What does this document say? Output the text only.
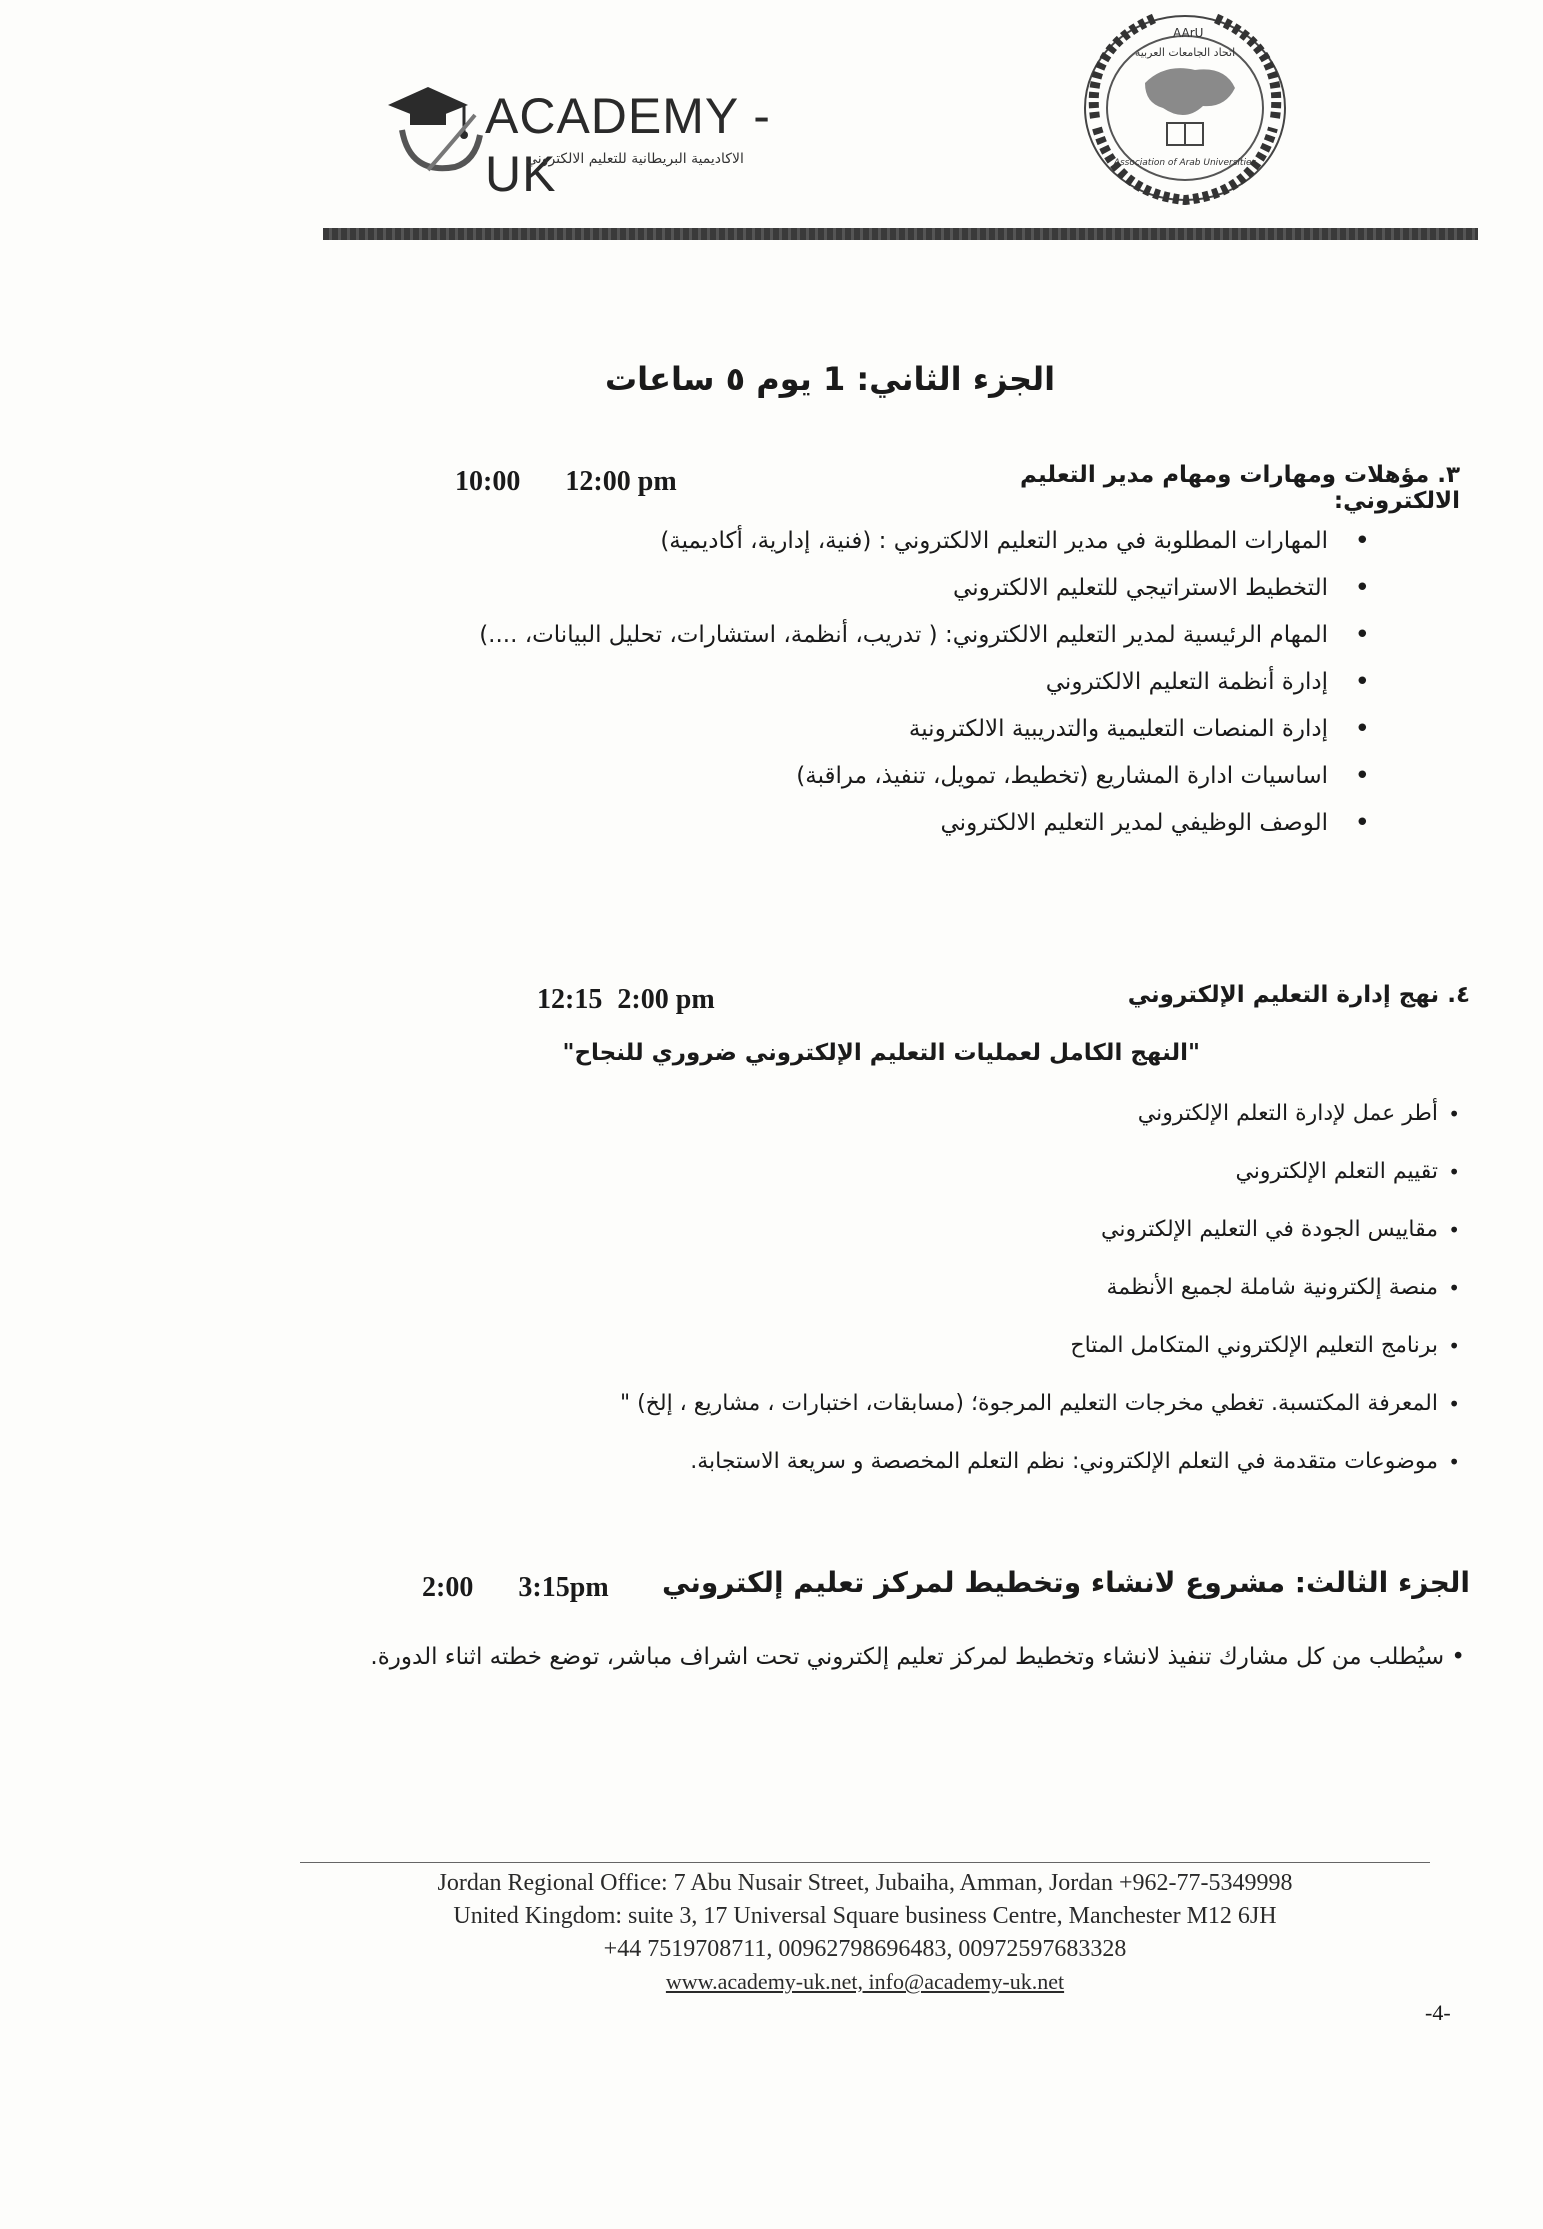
ACADEMY - UK
الاكاديمية البريطانية للتعليم الالكتروني
AArU
اتحاد الجامعات العربية
Association of Arab Universities
الجزء الثاني: 1 يوم ٥ ساعات
٣. مؤهلات ومهارات ومهام مدير التعليم الالكتروني:
10:00 12:00 pm
• المهارات المطلوبة في مدير التعليم الالكتروني : (فنية، إدارية، أكاديمية)
• التخطيط الاستراتيجي للتعليم الالكتروني
• المهام الرئيسية لمدير التعليم الالكتروني: ( تدريب، أنظمة، استشارات، تحليل البيانات، ....)
• إدارة أنظمة التعليم الالكتروني
• إدارة المنصات التعليمية والتدريبية الالكترونية
• اساسيات ادارة المشاريع (تخطيط، تمويل، تنفيذ، مراقبة)
• الوصف الوظيفي لمدير التعليم الالكتروني
٤. نهج إدارة التعليم الإلكتروني
12:15 2:00 pm
"النهج الكامل لعمليات التعليم الإلكتروني ضروري للنجاح"
• أطر عمل لإدارة التعلم الإلكتروني
• تقييم التعلم الإلكتروني
• مقاييس الجودة في التعليم الإلكتروني
• منصة إلكترونية شاملة لجميع الأنظمة
• برنامج التعليم الإلكتروني المتكامل المتاح
• المعرفة المكتسبة. تغطي مخرجات التعليم المرجوة؛ (مسابقات، اختبارات ، مشاريع ، إلخ) "
• موضوعات متقدمة في التعلم الإلكتروني: نظم التعلم المخصصة و سريعة الاستجابة.
الجزء الثالث: مشروع لانشاء وتخطيط لمركز تعليم إلكتروني
2:00 3:15pm
• سيُطلب من كل مشارك تنفيذ لانشاء وتخطيط لمركز تعليم إلكتروني تحت اشراف مباشر، توضع خطته اثناء الدورة.
Jordan Regional Office: 7 Abu Nusair Street, Jubaiha, Amman, Jordan +962-77-5349998
United Kingdom: suite 3, 17 Universal Square business Centre, Manchester M12 6JH
+44 7519708711, 00962798696483, 00972597683328
www.academy-uk.net, info@academy-uk.net
-4-
